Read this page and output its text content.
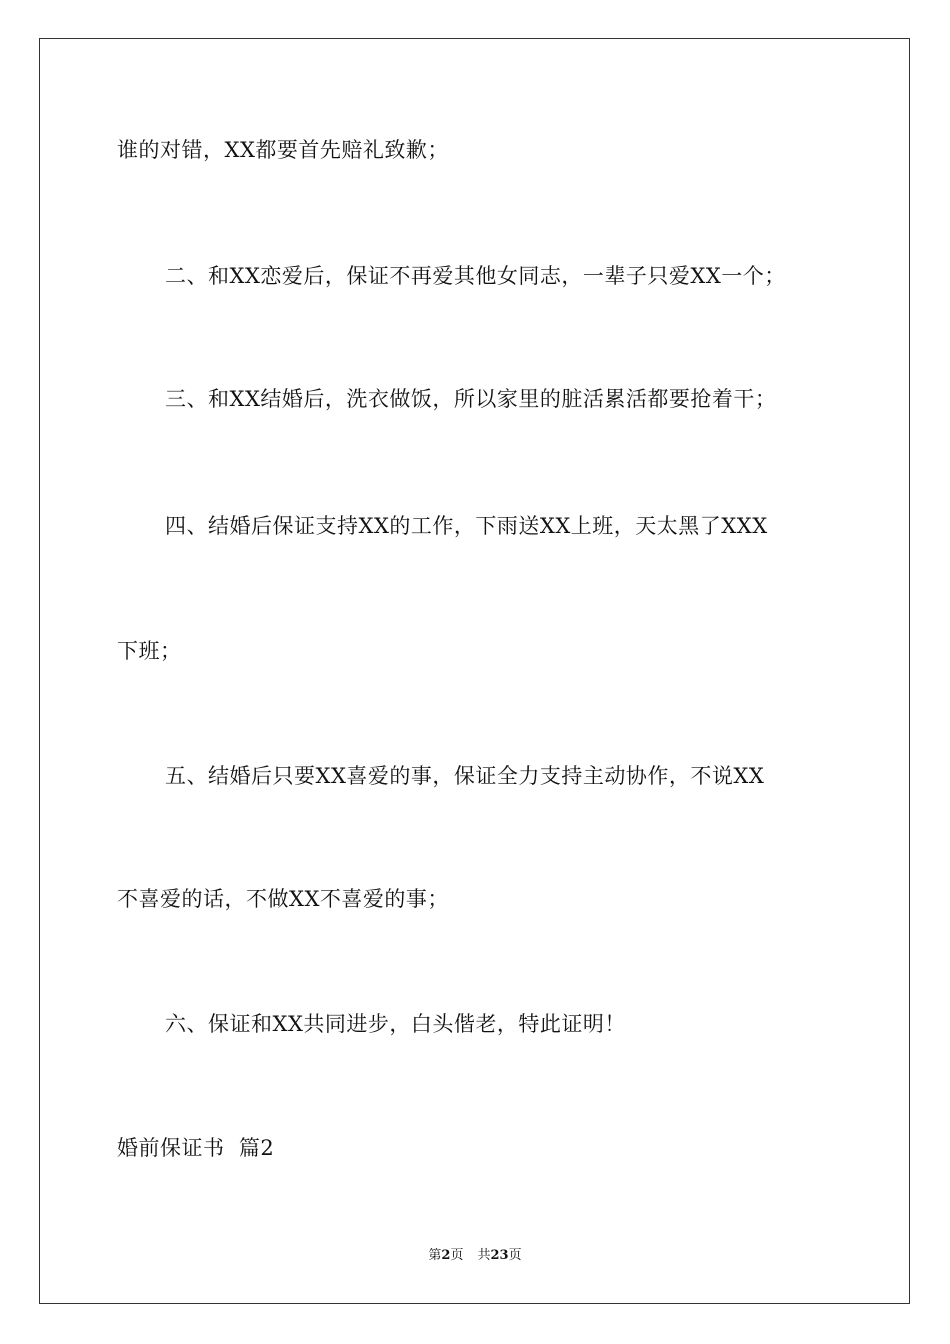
谁的对错，XX都要首先赔礼致歉；
二、和XX恋爱后，保证不再爱其他女同志，一辈子只爱XX一个；
三、和XX结婚后，洗衣做饭，所以家里的脏活累活都要抢着干；
四、结婚后保证支持XX的工作，下雨送XX上班，天太黑了XXX
下班；
五、结婚后只要XX喜爱的事，保证全力支持主动协作，不说XX
不喜爱的话，不做XX不喜爱的事；
六、保证和XX共同进步，白头偕老，特此证明！
婚前保证书  篇2
第2页 共23页
